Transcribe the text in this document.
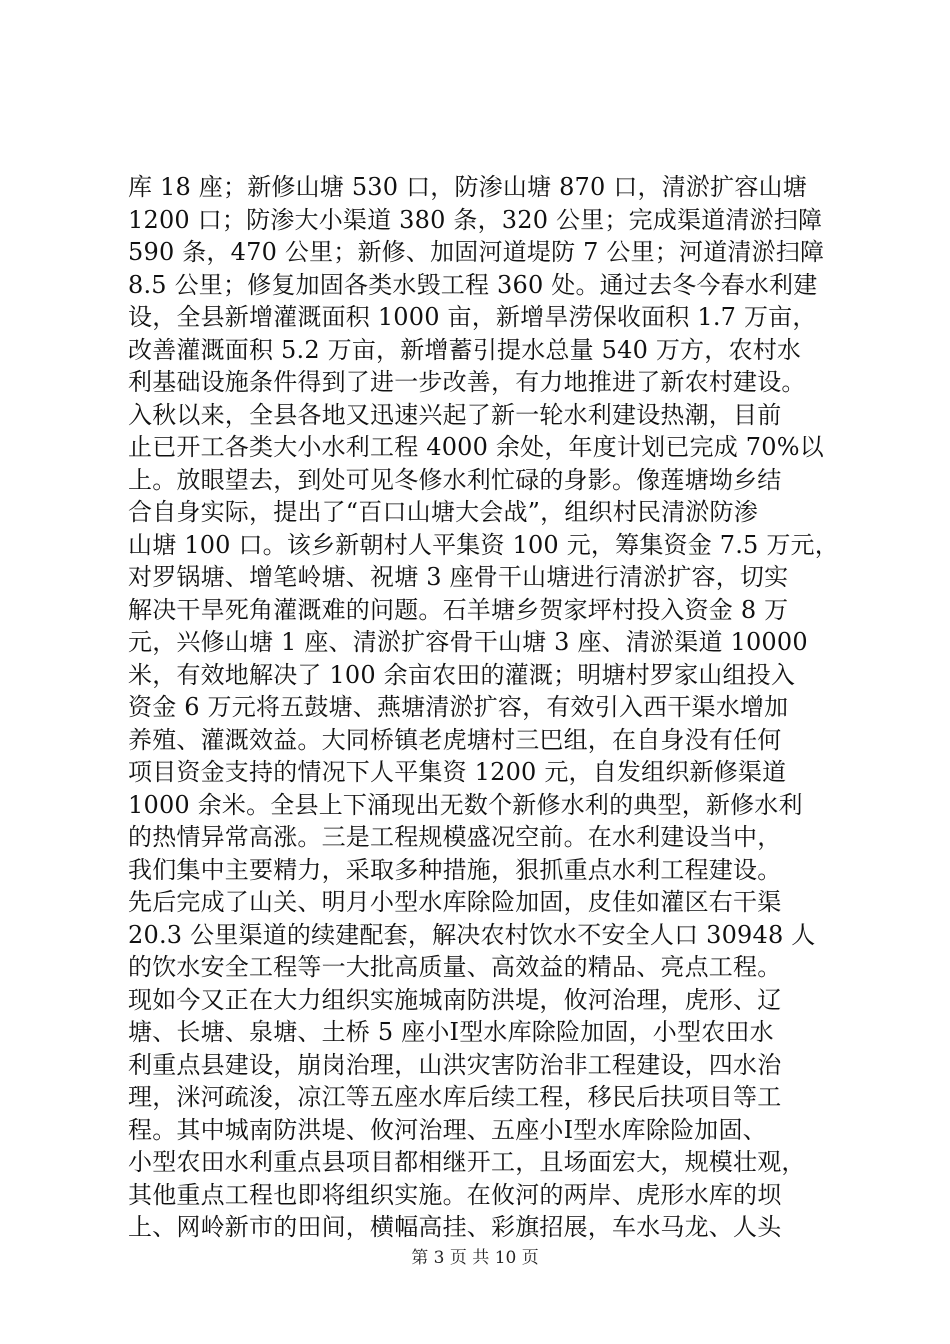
库 18 座；新修山塘 530 口，防渗山塘 870 口，清淤扩容山塘
1200 口；防渗大小渠道 380 条，320 公里；完成渠道清淤扫障
590 条，470 公里；新修、加固河道堤防 7 公里；河道清淤扫障
8.5 公里；修复加固各类水毁工程 360 处。通过去冬今春水利建
设，全县新增灌溉面积 1000 亩，新增旱涝保收面积 1.7 万亩，
改善灌溉面积 5.2 万亩，新增蓄引提水总量 540 万方，农村水
利基础设施条件得到了进一步改善，有力地推进了新农村建设。
入秋以来，全县各地又迅速兴起了新一轮水利建设热潮，目前
止已开工各类大小水利工程 4000 余处，年度计划已完成 70%以
上。放眼望去，到处可见冬修水利忙碌的身影。像莲塘坳乡结
合自身实际，提出了“百口山塘大会战”，组织村民清淤防渗
山塘 100 口。该乡新朝村人平集资 100 元，筹集资金 7.5 万元，
对罗锅塘、增笔岭塘、祝塘 3 座骨干山塘进行清淤扩容，切实
解决干旱死角灌溉难的问题。石羊塘乡贺家坪村投入资金 8 万
元，兴修山塘 1 座、清淤扩容骨干山塘 3 座、清淤渠道 10000
米，有效地解决了 100 余亩农田的灌溉；明塘村罗家山组投入
资金 6 万元将五鼓塘、燕塘清淤扩容，有效引入西干渠水增加
养殖、灌溉效益。大同桥镇老虎塘村三巴组，在自身没有任何
项目资金支持的情况下人平集资 1200 元，自发组织新修渠道
1000 余米。全县上下涌现出无数个新修水利的典型，新修水利
的热情异常高涨。三是工程规模盛况空前。在水利建设当中，
我们集中主要精力，采取多种措施，狠抓重点水利工程建设。
先后完成了山关、明月小型水库除险加固，皮佳如灌区右干渠
20.3 公里渠道的续建配套，解决农村饮水不安全人口 30948 人
的饮水安全工程等一大批高质量、高效益的精品、亮点工程。
现如今又正在大力组织实施城南防洪堤，攸河治理，虎形、辽
塘、长塘、泉塘、土桥 5 座小Ⅰ型水库除险加固，小型农田水
利重点县建设，崩岗治理，山洪灾害防治非工程建设，四水治
理，洣河疏浚，凉江等五座水库后续工程，移民后扶项目等工
程。其中城南防洪堤、攸河治理、五座小Ⅰ型水库除险加固、
小型农田水利重点县项目都相继开工，且场面宏大，规模壮观，
其他重点工程也即将组织实施。在攸河的两岸、虎形水库的坝
上、网岭新市的田间，横幅高挂、彩旗招展，车水马龙、人头
第 3 页 共 10 页
